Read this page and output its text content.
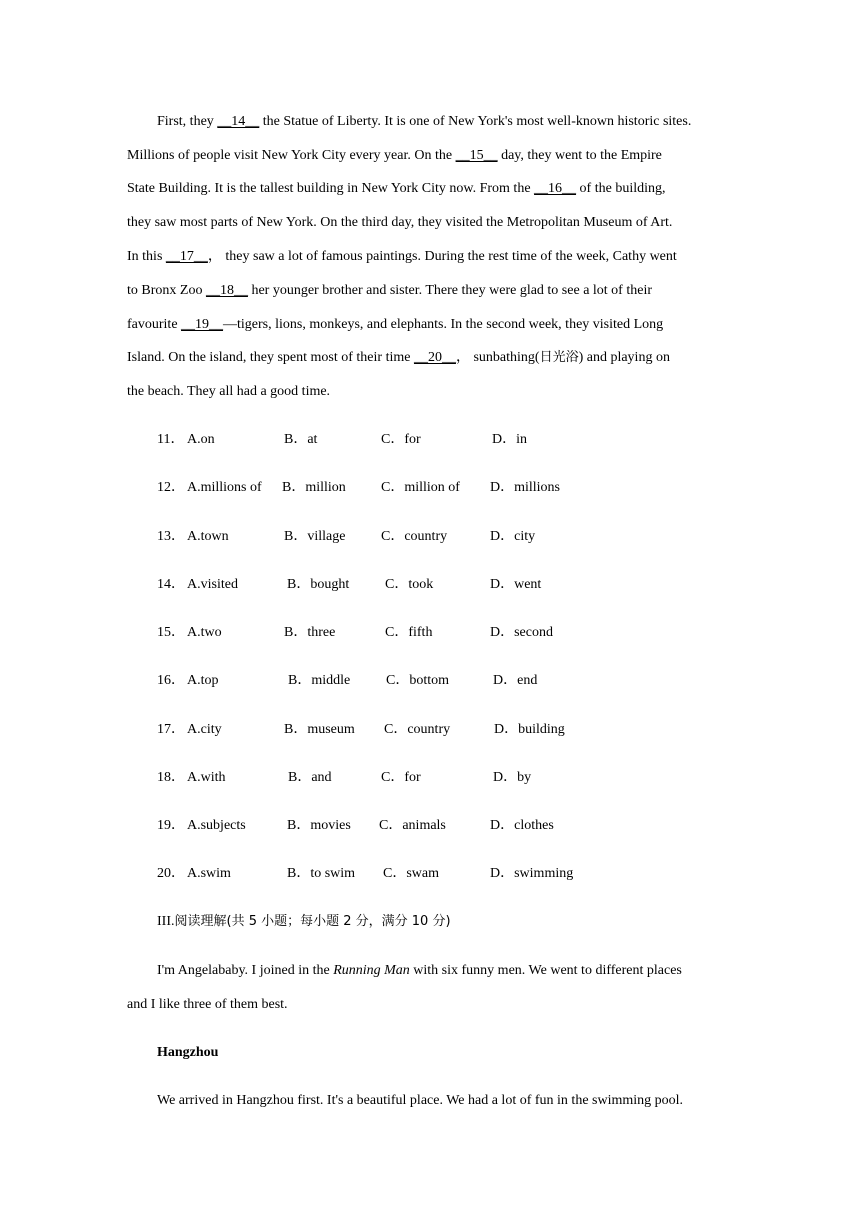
First, they __14__ the Statue of Liberty. It is one of New York's most well-known historic sites.
Millions of people visit New York City every year. On the __15__ day, they went to the Empire
State Building. It is the tallest building in New York City now. From the __16__ of the building,
they saw most parts of New York. On the third day, they visited the Metropolitan Museum of Art.
In this __17__， they saw a lot of famous paintings. During the rest time of the week, Cathy went
to Bronx Zoo __18__ her younger brother and sister. There they were glad to see a lot of their
favourite __19__—tigers, lions, monkeys, and elephants. In the second week, they visited Long
Island. On the island, they spent most of their time __20__， sunbathing(日光浴) and playing on
the beach. They all had a good time.
11． A.on	B．at	C．for	D．in
12． A.millions of B．million	C．million of D．millions
13． A.town	B．village	C．country	D．city
14． A.visited	B．bought	C．took	D．went
15． A.two	B．three	C．fifth	D．second
16． A.top	B．middle	C．bottom	D．end
17． A.city	B．museum C．country	D．building
18． A.with	B．and	C．for	D．by
19． A.subjects	B．movies C．animals	D．clothes
20． A.swim	B．to swim C．swam	D．swimming
III.阅读理解(共 5 小题；每小题 2 分，满分 10 分)
I'm Angelababy. I joined in the Running Man with six funny men. We went to different places
and I like three of them best.
Hangzhou
We arrived in Hangzhou first. It's a beautiful place. We had a lot of fun in the swimming pool.
